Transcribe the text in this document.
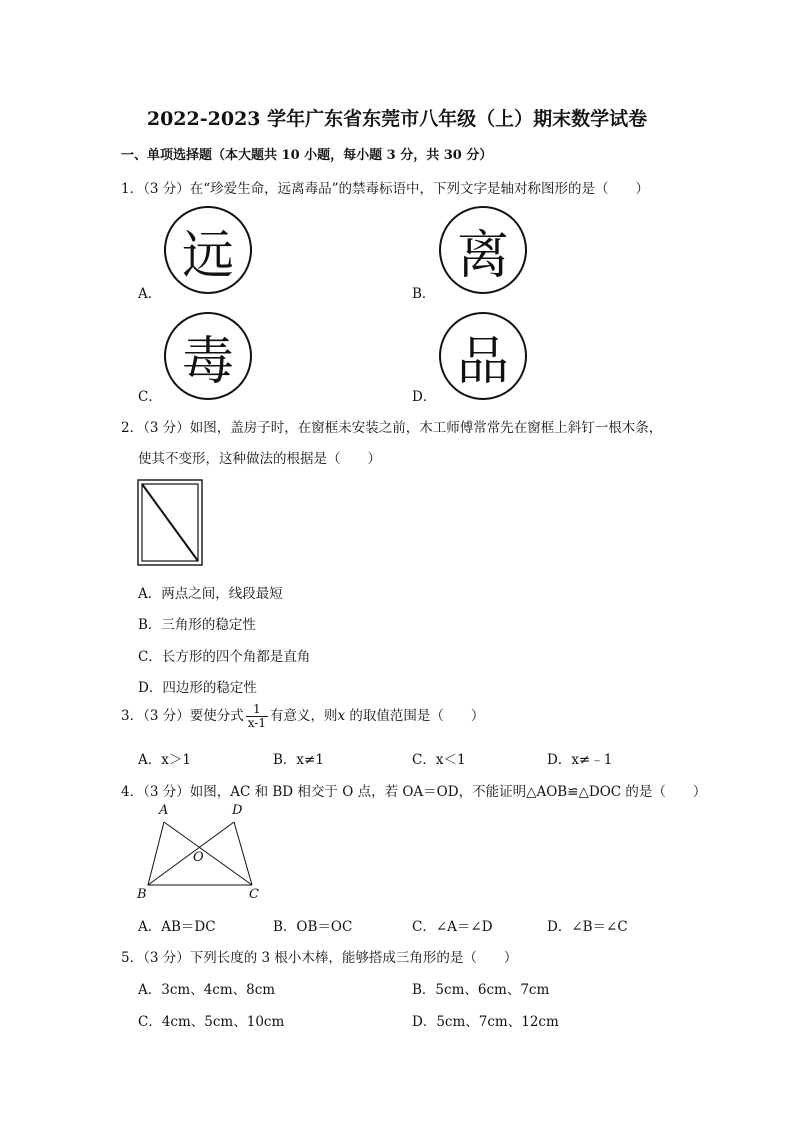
2022-2023 学年广东省东莞市八年级（上）期末数学试卷
一、单项选择题（本大题共 10 小题，每小题 3 分，共 30 分）
1．（3 分）在“珍爱生命，远离毒品”的禁毒标语中，下列文字是轴对称图形的是（　　）
A．
远
B．
离
C．
毒
D．
品
2．（3 分）如图，盖房子时，在窗框未安装之前，木工师傅常常先在窗框上斜钉一根木条，
使其不变形，这种做法的根据是（　　）
A．两点之间，线段最短
B．三角形的稳定性
C．长方形的四个角都是直角
D．四边形的稳定性
3．（3 分）要使分式 $\frac{1}{x-1}$ 有意义，则x 的取值范围是（　　）
A．x＞1	B．x≠1	C．x＜1	D．x≠﹣1
4．（3 分）如图，AC 和 BD 相交于 O 点，若 OA＝OD，不能证明△AOB≌△DOC 的是（　　）
A	D
O
B	C
A．AB＝DC	B．OB＝OC	C．∠A＝∠D	D．∠B＝∠C
5．（3 分）下列长度的 3 根小木棒，能够搭成三角形的是（　　）
A．3cm、4cm、8cm	B．5cm、6cm、7cm
C．4cm、5cm、10cm	D．5cm、7cm、12cm
